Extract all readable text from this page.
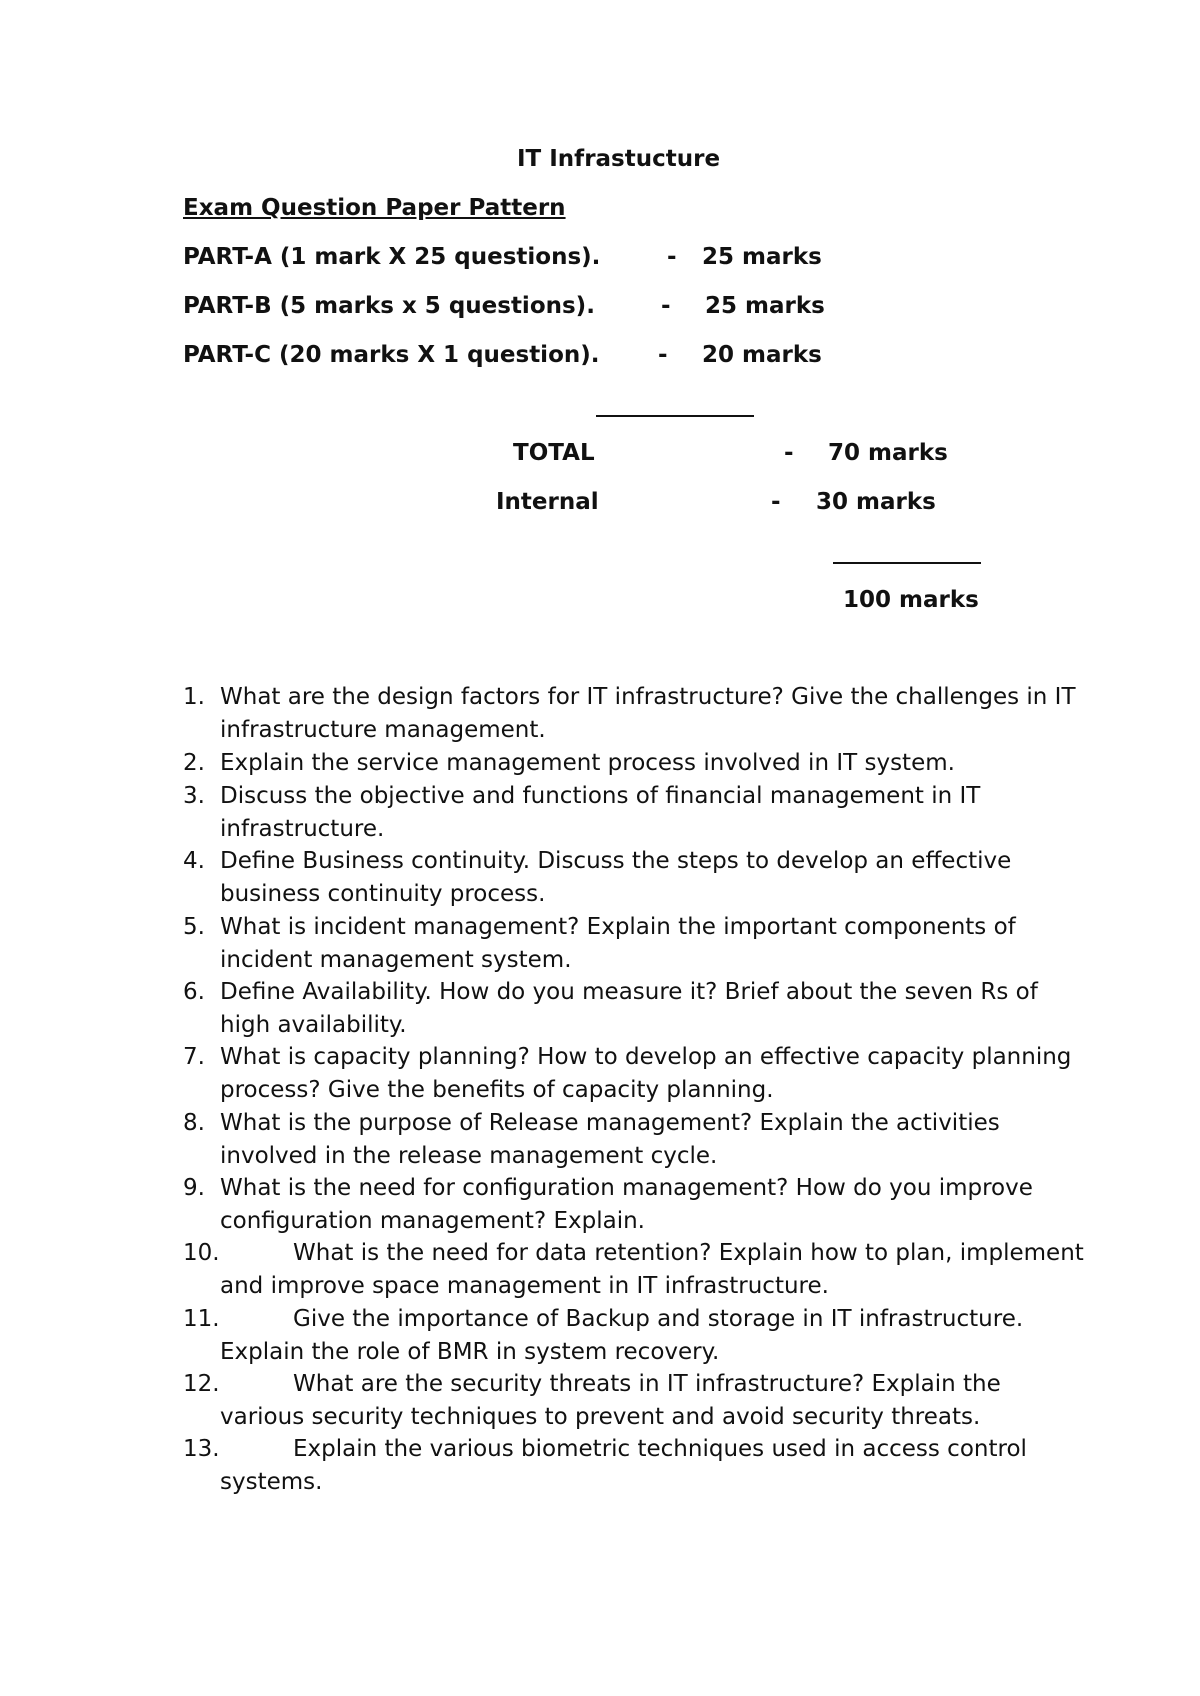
IT Infrastucture
Exam Question Paper Pattern
PART-A (1 mark X 25 questions).	- 25 marks
PART-B (5 marks x 5 questions).	- 25 marks
PART-C (20 marks X 1 question).	- 20 marks
TOTAL	- 70 marks
Internal	- 30 marks
100 marks
1. What are the design factors for IT infrastructure? Give the challenges in IT infrastructure management.
2. Explain the service management process involved in IT system.
3. Discuss the objective and functions of financial management in IT infrastructure.
4. Define Business continuity. Discuss the steps to develop an effective business continuity process.
5. What is incident management? Explain the important components of incident management system.
6. Define Availability. How do you measure it? Brief about the seven Rs of high availability.
7. What is capacity planning? How to develop an effective capacity planning process? Give the benefits of capacity planning.
8. What is the purpose of Release management? Explain the activities involved in the release management cycle.
9. What is the need for configuration management? How do you improve configuration management? Explain.
10.	What is the need for data retention? Explain how to plan, implement and improve space management in IT infrastructure.
11.	Give the importance of Backup and storage in IT infrastructure. Explain the role of BMR in system recovery.
12.	What are the security threats in IT infrastructure? Explain the various security techniques to prevent and avoid security threats.
13.	Explain the various biometric techniques used in access control systems.
